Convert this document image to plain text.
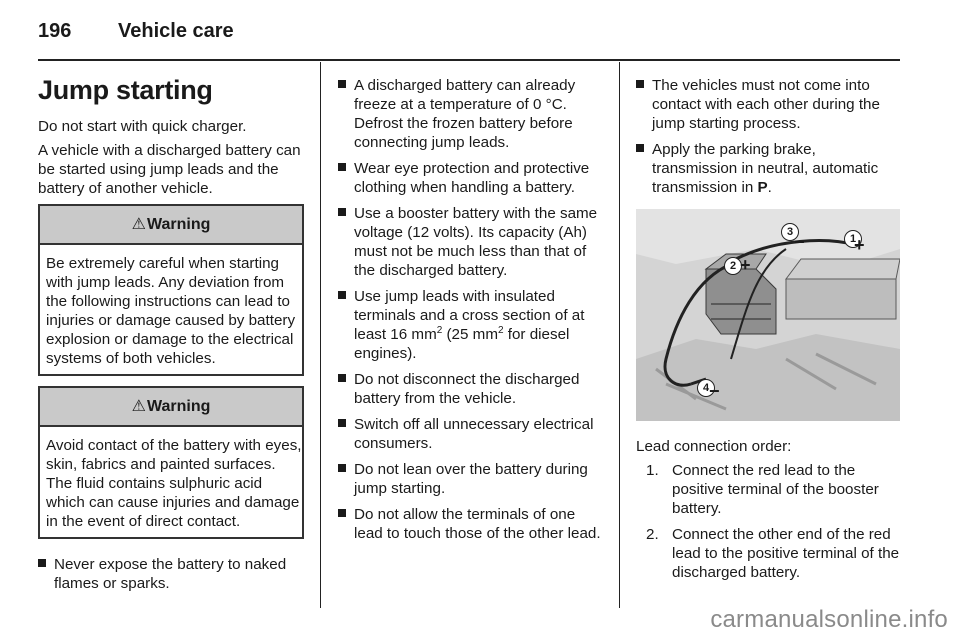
196 Vehicle care
Jump starting

Do not start with quick charger.

A vehicle with a discharged battery can be started using jump leads and the battery of another vehicle.

⚠ Warning
Be extremely careful when starting with jump leads. Any deviation from the following instructions can lead to injuries or damage caused by battery explosion or damage to the electrical systems of both vehicles.
⚠ Warning
Avoid contact of the battery with eyes, skin, fabrics and painted surfaces. The fluid contains sulphuric acid which can cause injuries and damage in the event of direct contact.
Never expose the battery to naked flames or sparks.
A discharged battery can already freeze at a temperature of 0 °C. Defrost the frozen battery before connecting jump leads.
Wear eye protection and protective clothing when handling a battery.
Use a booster battery with the same voltage (12 volts). Its capacity (Ah) must not be much less than that of the discharged battery.
Use jump leads with insulated terminals and a cross section of at least 16 $mm^2$ (25 $mm^2$ for diesel engines).
Do not disconnect the discharged battery from the vehicle.
Switch off all unnecessary electrical consumers.
Do not lean over the battery during jump starting.
Do not allow the terminals of one lead to touch those of the other lead.
The vehicles must not come into contact with each other during the jump starting process.
Apply the parking brake, transmission in neutral, automatic transmission in P.
1
3
2
4
+
+
−
−

Lead connection order:

1. Connect the red lead to the positive terminal of the booster battery.
2. Connect the other end of the red lead to the positive terminal of the discharged battery.
carmanualsonline.info
